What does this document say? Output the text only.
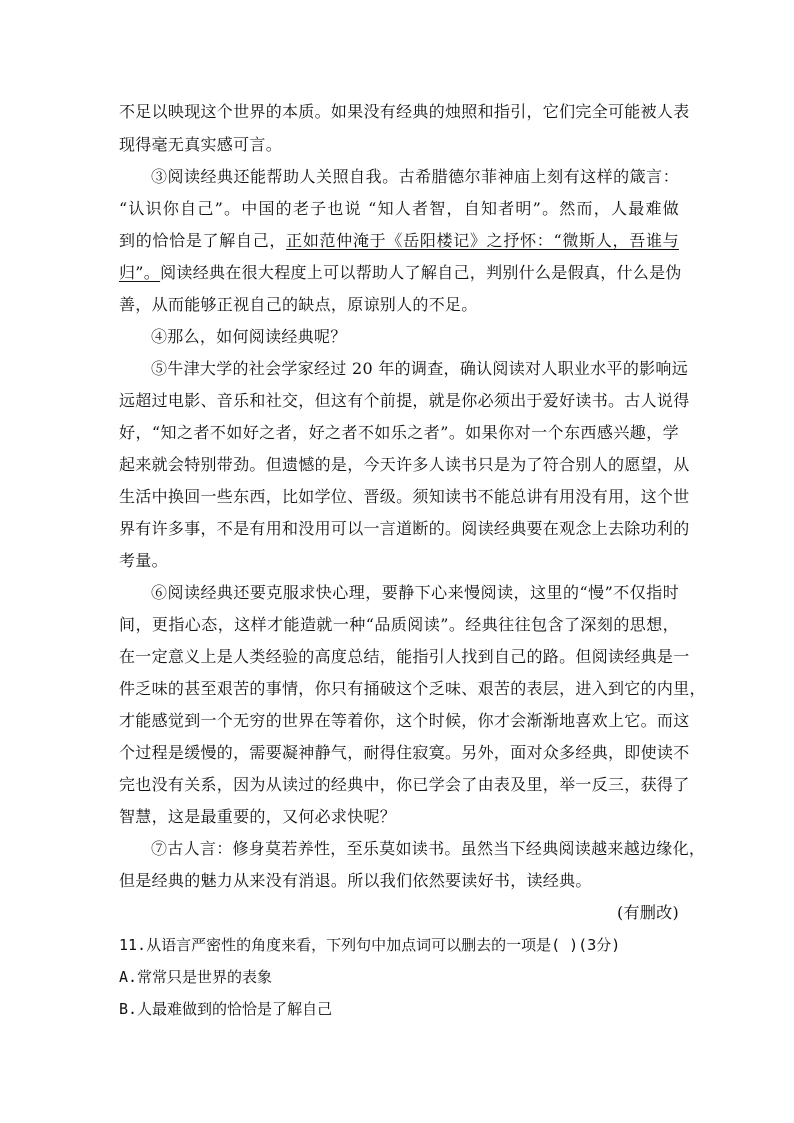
不足以映现这个世界的本质。如果没有经典的烛照和指引，它们完全可能被人表
现得毫无真实感可言。
③阅读经典还能帮助人关照自我。古希腊德尔菲神庙上刻有这样的箴言：
“认识你自己”。中国的老子也说 “知人者智，自知者明”。然而，人最难做
到的恰恰是了解自己，正如范仲淹于《岳阳楼记》之抒怀：“微斯人，吾谁与
归”。阅读经典在很大程度上可以帮助人了解自己，判别什么是假真，什么是伪
善，从而能够正视自己的缺点，原谅别人的不足。
④那么，如何阅读经典呢？
⑤牛津大学的社会学家经过 20 年的调查，确认阅读对人职业水平的影响远
远超过电影、音乐和社交，但这有个前提，就是你必须出于爱好读书。古人说得
好，“知之者不如好之者，好之者不如乐之者”。如果你对一个东西感兴趣，学
起来就会特别带劲。但遗憾的是，今天许多人读书只是为了符合别人的愿望，从
生活中换回一些东西，比如学位、晋级。须知读书不能总讲有用没有用，这个世
界有许多事，不是有用和没用可以一言道断的。阅读经典要在观念上去除功利的
考量。
⑥阅读经典还要克服求快心理，要静下心来慢阅读，这里的“慢”不仅指时
间，更指心态，这样才能造就一种“品质阅读”。经典往往包含了深刻的思想，
在一定意义上是人类经验的高度总结，能指引人找到自己的路。但阅读经典是一
件乏味的甚至艰苦的事情，你只有捅破这个乏味、艰苦的表层，进入到它的内里，
才能感觉到一个无穷的世界在等着你，这个时候，你才会渐渐地喜欢上它。而这
个过程是缓慢的，需要凝神静气，耐得住寂寞。另外，面对众多经典，即使读不
完也没有关系，因为从读过的经典中，你已学会了由表及里，举一反三，获得了
智慧，这是最重要的，又何必求快呢？
⑦古人言：修身莫若养性，至乐莫如读书。虽然当下经典阅读越来越边缘化，
但是经典的魅力从来没有消退。所以我们依然要读好书，读经典。
(有删改)
11.从语言严密性的角度来看，下列句中加点词可以删去的一项是( )(3分)
A.常常只是世界的表象
B.人最难做到的恰恰是了解自己
